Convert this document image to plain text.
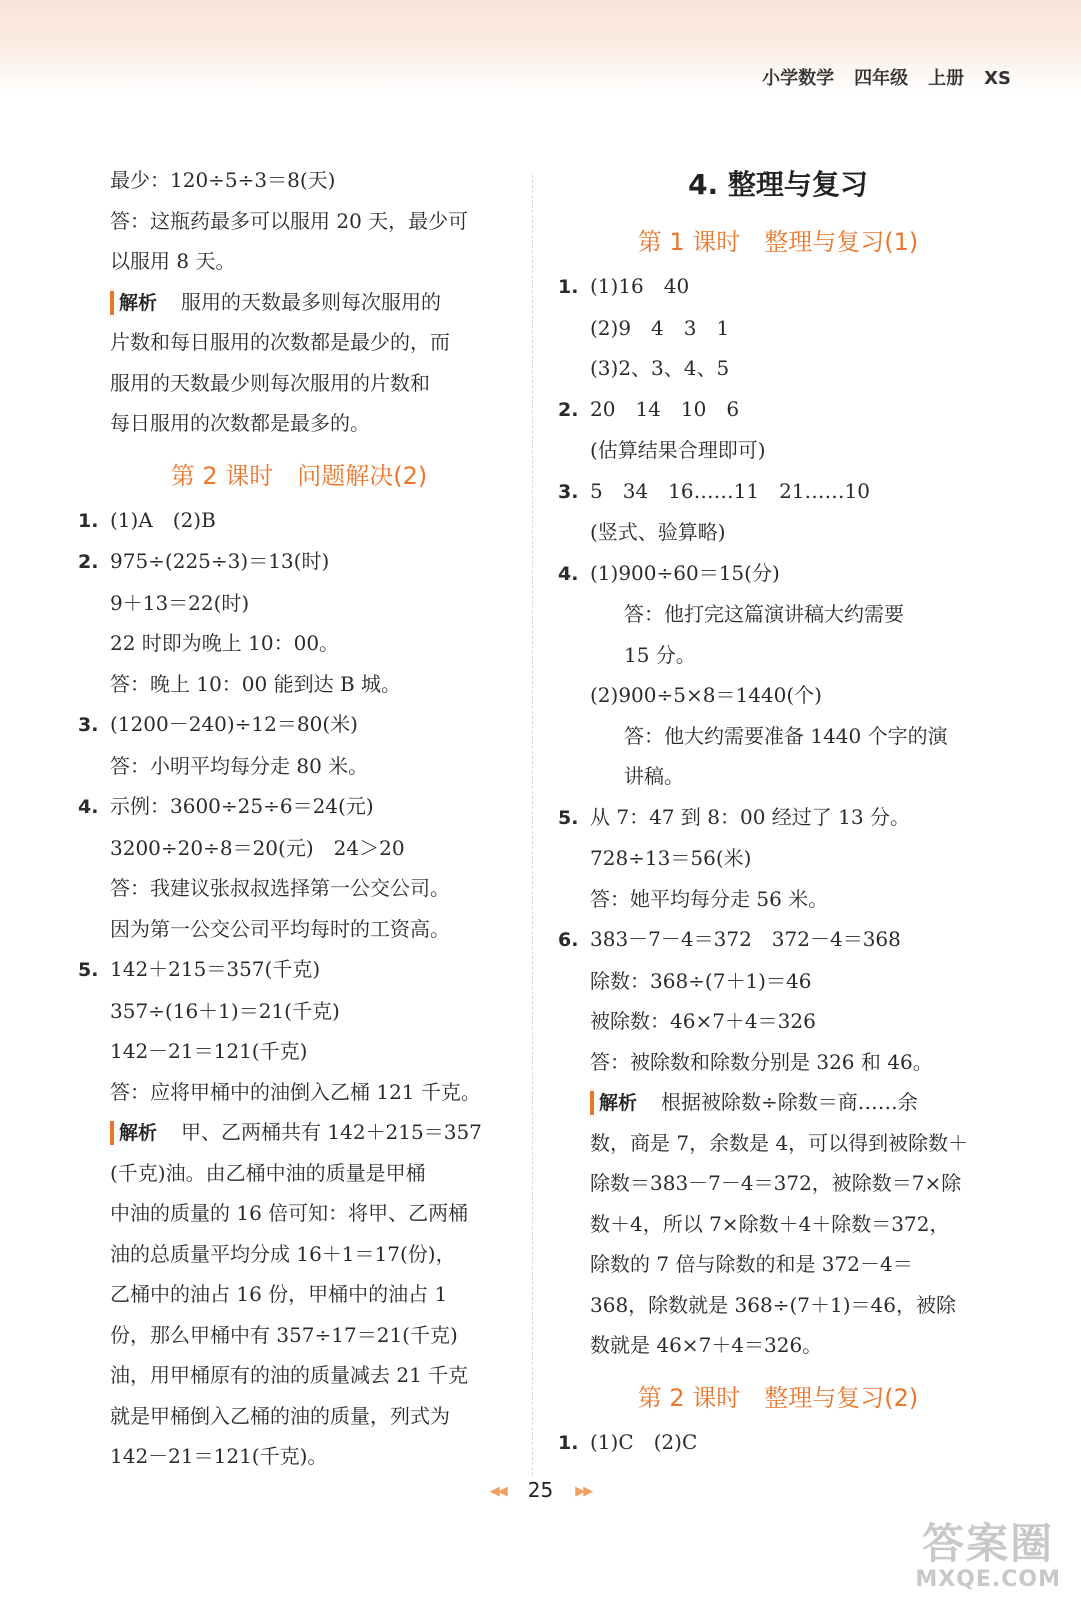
小学数学 四年级 上册 XS
最少：120÷5÷3＝8(天)
答：这瓶药最多可以服用 20 天，最少可
以服用 8 天。
解析 服用的天数最多则每次服用的
片数和每日服用的次数都是最少的，而
服用的天数最少则每次服用的片数和
每日服用的次数都是最多的。
第 2 课时　问题解决(2)
1. (1)A　(2)B
2. 975÷(225÷3)＝13(时)
9＋13＝22(时)
22 时即为晚上 10：00。
答：晚上 10：00 能到达 B 城。
3. (1200－240)÷12＝80(米)
答：小明平均每分走 80 米。
4. 示例：3600÷25÷6＝24(元)
3200÷20÷8＝20(元)　24＞20
答：我建议张叔叔选择第一公交公司。
因为第一公交公司平均每时的工资高。
5. 142＋215＝357(千克)
357÷(16＋1)＝21(千克)
142－21＝121(千克)
答：应将甲桶中的油倒入乙桶 121 千克。
解析 甲、乙两桶共有 142＋215＝357
(千克)油。由乙桶中油的质量是甲桶
中油的质量的 16 倍可知：将甲、乙两桶
油的总质量平均分成 16＋1＝17(份)，
乙桶中的油占 16 份，甲桶中的油占 1
份，那么甲桶中有 357÷17＝21(千克)
油，用甲桶原有的油的质量减去 21 千克
就是甲桶倒入乙桶的油的质量，列式为
142－21＝121(千克)。
4. 整理与复习
第 1 课时　整理与复习(1)
1. (1)16　40
(2)9　4　3　1
(3)2、3、4、5
2. 20　14　10　6
(估算结果合理即可)
3. 5　34　16……11　21……10
(竖式、验算略)
4. (1)900÷60＝15(分)
答：他打完这篇演讲稿大约需要
15 分。
(2)900÷5×8＝1440(个)
答：他大约需要准备 1440 个字的演
讲稿。
5. 从 7：47 到 8：00 经过了 13 分。
728÷13＝56(米)
答：她平均每分走 56 米。
6. 383－7－4＝372　372－4＝368
除数：368÷(7＋1)＝46
被除数：46×7＋4＝326
答：被除数和除数分别是 326 和 46。
解析 根据被除数÷除数＝商……余
数，商是 7，余数是 4，可以得到被除数＋
除数＝383－7－4＝372，被除数＝7×除
数＋4，所以 7×除数＋4＋除数＝372，
除数的 7 倍与除数的和是 372－4＝
368，除数就是 368÷(7＋1)＝46，被除
数就是 46×7＋4＝326。
第 2 课时　整理与复习(2)
1. (1)C　(2)C
◀◀ 25 ▶▶
答案圈
MXQE.COM
